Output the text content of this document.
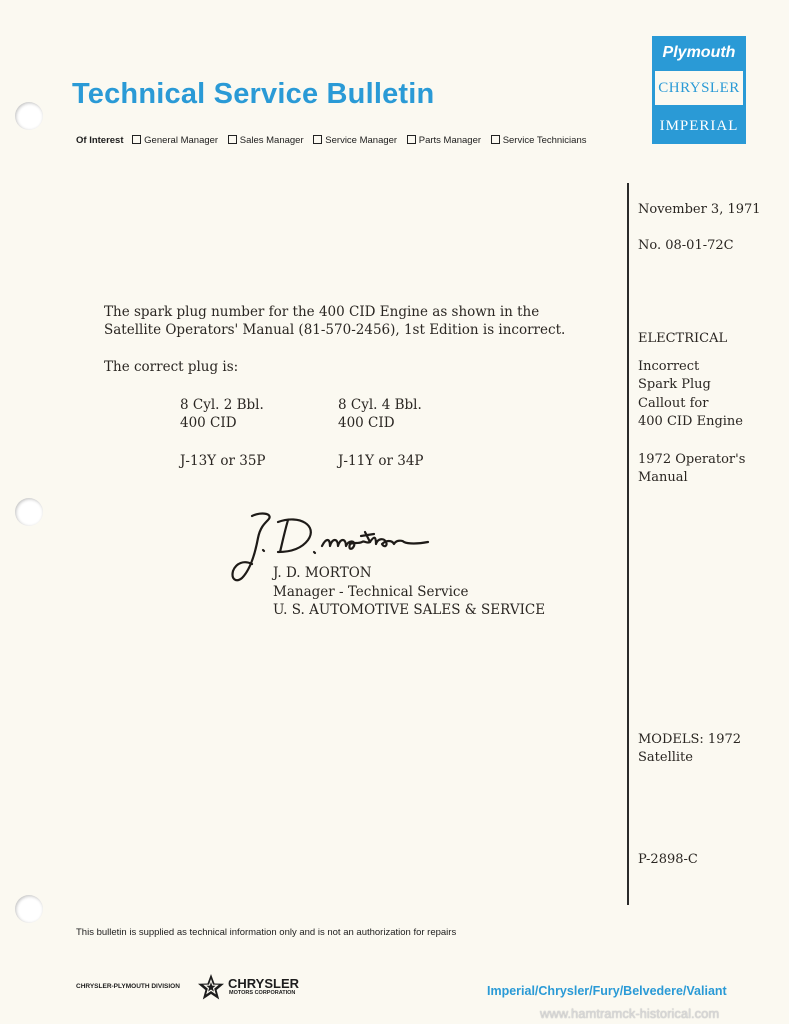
Technical Service Bulletin
Of Interest General Manager Sales Manager Service Manager Parts Manager Service Technicians
Plymouth
CHRYSLER
IMPERIAL
November 3, 1971
No. 08-01-72C
ELECTRICAL
Incorrect
Spark Plug
Callout for
400 CID Engine
1972 Operator's
Manual
MODELS: 1972
Satellite
P-2898-C
The spark plug number for the 400 CID Engine as shown in the
Satellite Operators' Manual (81-570-2456), 1st Edition is incorrect.
The correct plug is:
8 Cyl. 2 Bbl.
400 CID
J-13Y or 35P
8 Cyl. 4 Bbl.
400 CID
J-11Y or 34P
J. D. MORTON
Manager - Technical Service
U. S. AUTOMOTIVE SALES & SERVICE
This bulletin is supplied as technical information only and is not an authorization for repairs
CHRYSLER-PLYMOUTH DIVISION	CHRYSLER
MOTORS CORPORATION	Imperial/Chrysler/Fury/Belvedere/Valiant
www.hamtramck-historical.com
